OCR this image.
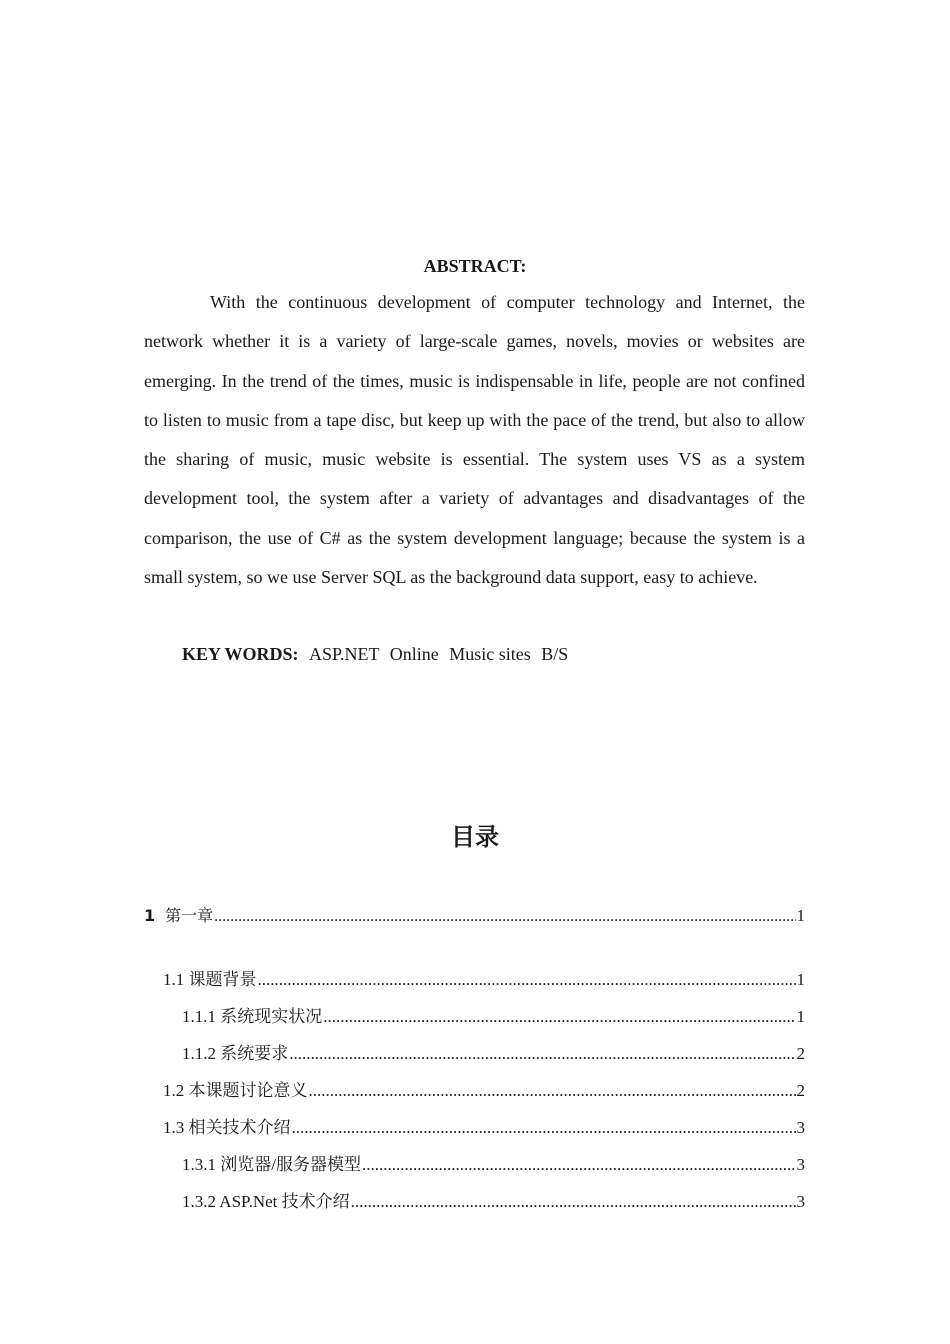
ABSTRACT:
With the continuous development of computer technology and Internet, the network whether it is a variety of large-scale games, novels, movies or websites are emerging. In the trend of the times, music is indispensable in life, people are not confined to listen to music from a tape disc, but keep up with the pace of the trend, but also to allow the sharing of music, music website is essential. The system uses VS as a system development tool, the system after a variety of advantages and disadvantages of the comparison, the use of C# as the system development language; because the system is a small system, so we use Server SQL as the background data support, easy to achieve.
KEY WORDS: ASP.NET Online Music sites B/S
目录
1 第一章 .....	1
1.1 课题背景 .....	1
1.1.1 系统现实状况 .....	1
1.1.2 系统要求 .....	2
1.2 本课题讨论意义 .....	2
1.3 相关技术介绍 .....	3
1.3.1 浏览器/服务器模型 .....	3
1.3.2 ASP.Net 技术介绍 .....	3
